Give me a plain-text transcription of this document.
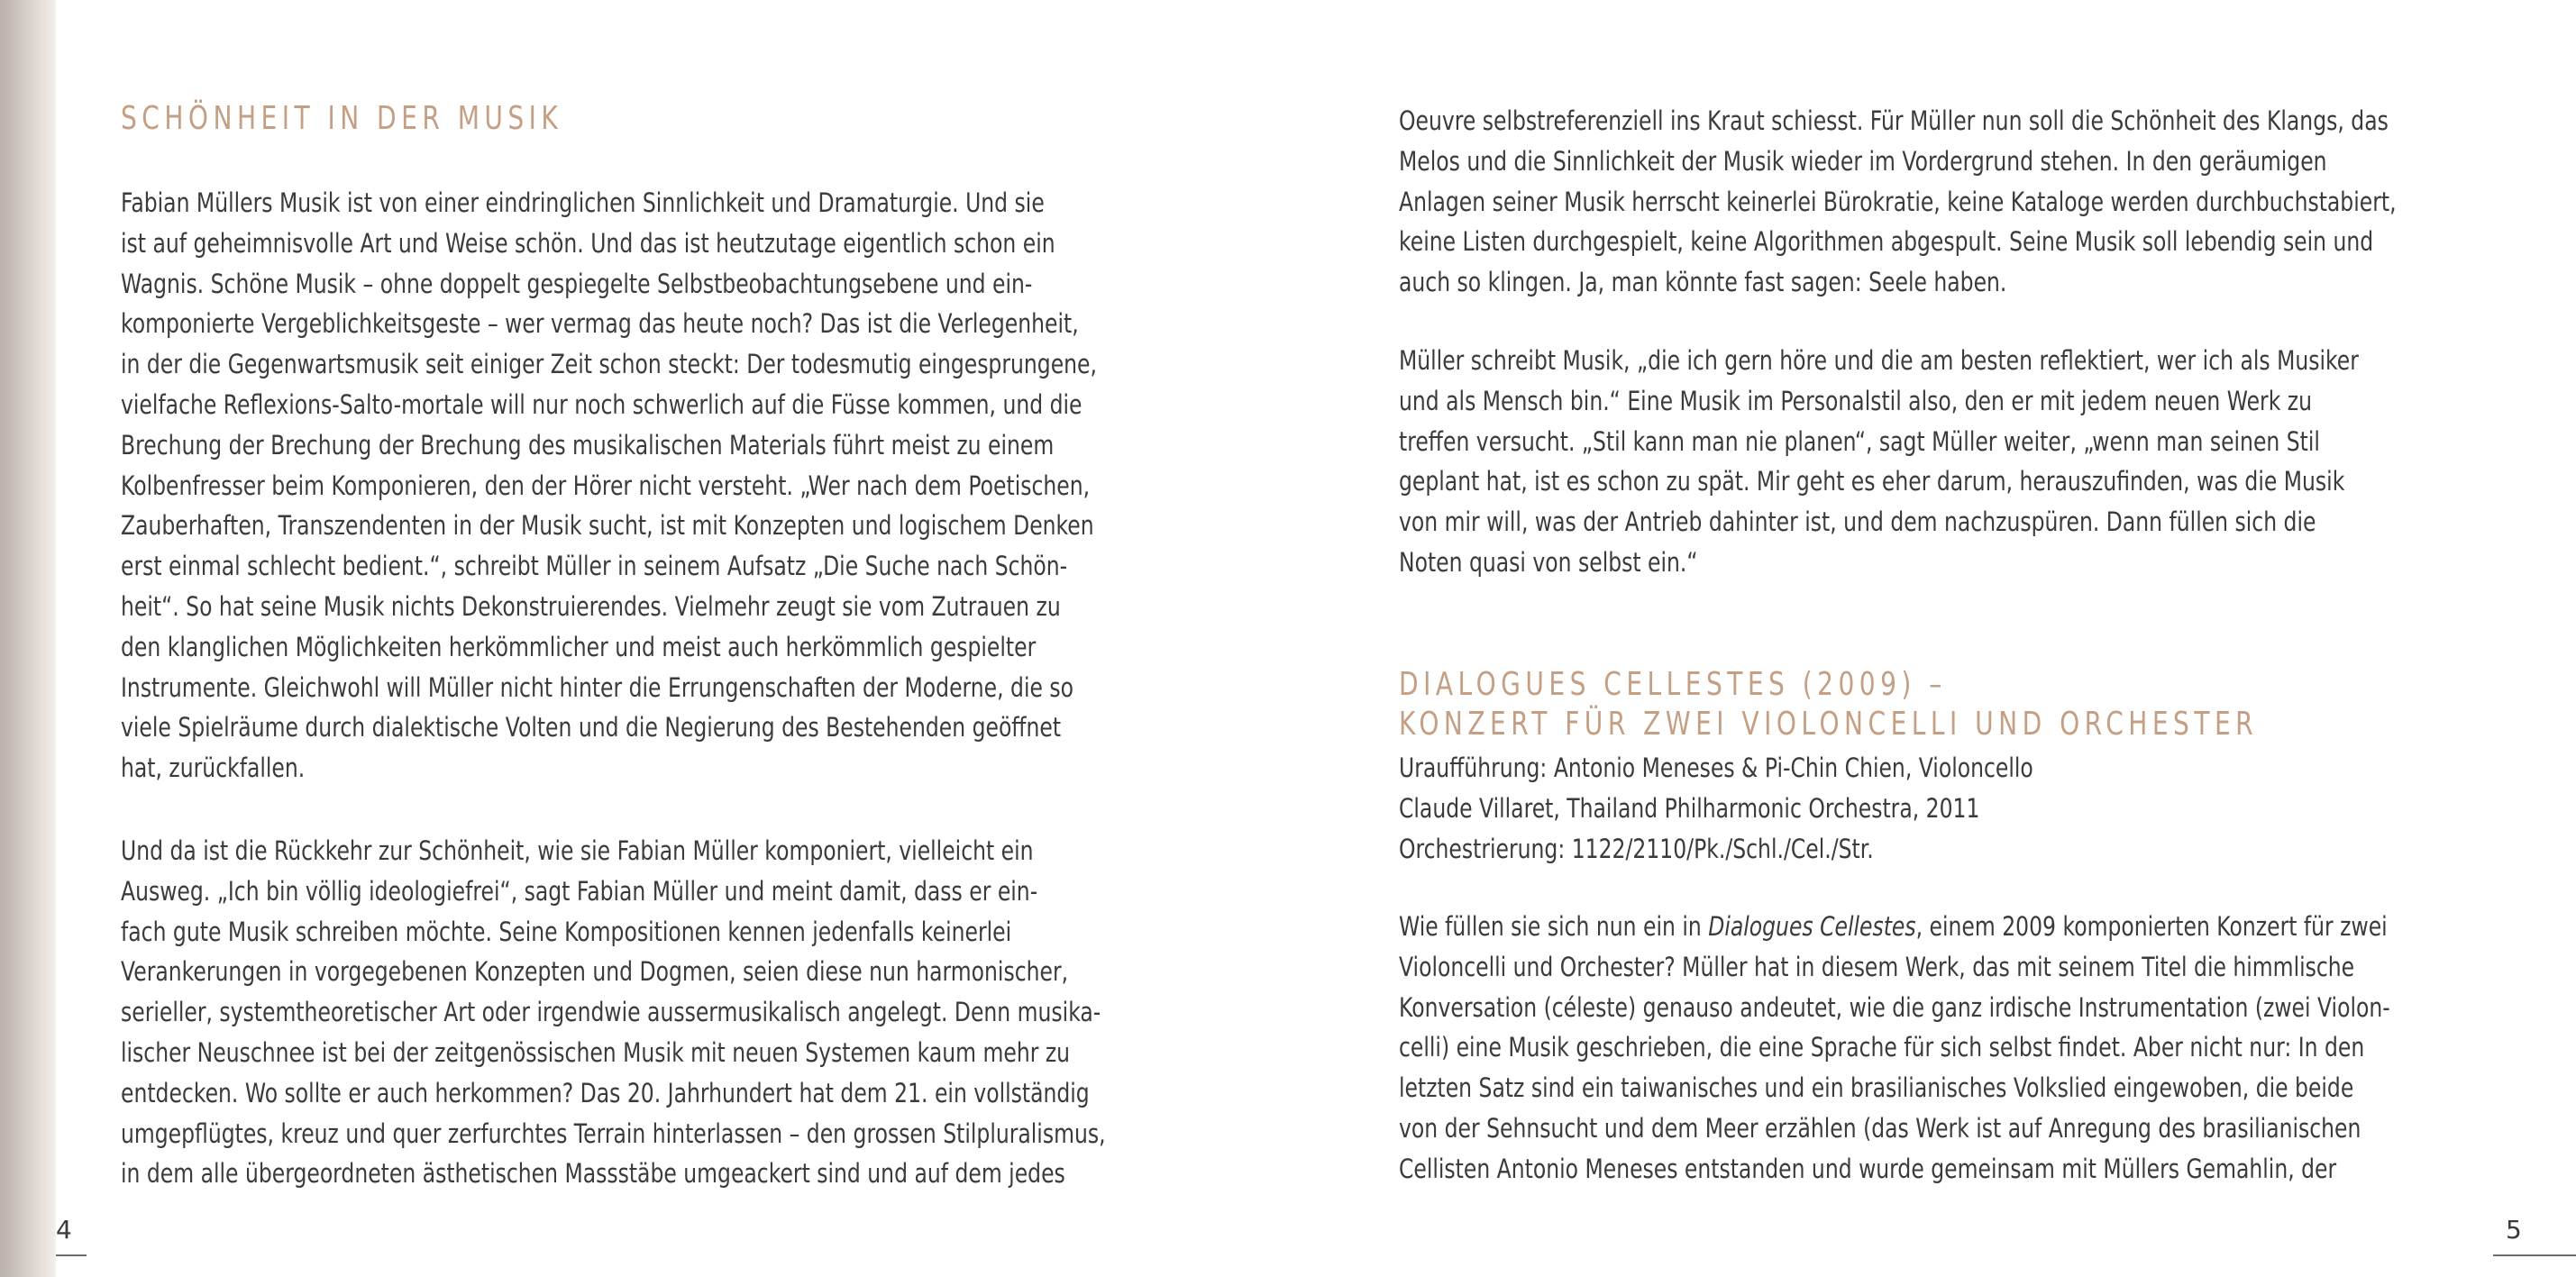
SCHÖNHEIT IN DER MUSIK
Fabian Müllers Musik ist von einer eindringlichen Sinnlichkeit und Dramaturgie. Und sie
ist auf geheimnisvolle Art und Weise schön. Und das ist heutzutage eigentlich schon ein
Wagnis. Schöne Musik – ohne doppelt gespiegelte Selbstbeobachtungsebene und ein-
komponierte Vergeblichkeitsgeste – wer vermag das heute noch? Das ist die Verlegenheit,
in der die Gegenwartsmusik seit einiger Zeit schon steckt: Der todesmutig eingesprungene,
vielfache Reflexions-Salto-mortale will nur noch schwerlich auf die Füsse kommen, und die
Brechung der Brechung der Brechung des musikalischen Materials führt meist zu einem
Kolbenfresser beim Komponieren, den der Hörer nicht versteht. „Wer nach dem Poetischen,
Zauberhaften, Transzendenten in der Musik sucht, ist mit Konzepten und logischem Denken
erst einmal schlecht bedient.“, schreibt Müller in seinem Aufsatz „Die Suche nach Schön-
heit“. So hat seine Musik nichts Dekonstruierendes. Vielmehr zeugt sie vom Zutrauen zu
den klanglichen Möglichkeiten herkömmlicher und meist auch herkömmlich gespielter
Instrumente. Gleichwohl will Müller nicht hinter die Errungenschaften der Moderne, die so
viele Spielräume durch dialektische Volten und die Negierung des Bestehenden geöffnet
hat, zurückfallen.
Und da ist die Rückkehr zur Schönheit, wie sie Fabian Müller komponiert, vielleicht ein
Ausweg. „Ich bin völlig ideologiefrei“, sagt Fabian Müller und meint damit, dass er ein-
fach gute Musik schreiben möchte. Seine Kompositionen kennen jedenfalls keinerlei
Verankerungen in vorgegebenen Konzepten und Dogmen, seien diese nun harmonischer,
serieller, systemtheoretischer Art oder irgendwie aussermusikalisch angelegt. Denn musika-
lischer Neuschnee ist bei der zeitgenössischen Musik mit neuen Systemen kaum mehr zu
entdecken. Wo sollte er auch herkommen? Das 20. Jahrhundert hat dem 21. ein vollständig
umgepflügtes, kreuz und quer zerfurchtes Terrain hinterlassen – den grossen Stilpluralismus,
in dem alle übergeordneten ästhetischen Massstäbe umgeackert sind und auf dem jedes
Oeuvre selbstreferenziell ins Kraut schiesst. Für Müller nun soll die Schönheit des Klangs, das
Melos und die Sinnlichkeit der Musik wieder im Vordergrund stehen. In den geräumigen
Anlagen seiner Musik herrscht keinerlei Bürokratie, keine Kataloge werden durchbuchstabiert,
keine Listen durchgespielt, keine Algorithmen abgespult. Seine Musik soll lebendig sein und
auch so klingen. Ja, man könnte fast sagen: Seele haben.
Müller schreibt Musik, „die ich gern höre und die am besten reflektiert, wer ich als Musiker
und als Mensch bin.“ Eine Musik im Personalstil also, den er mit jedem neuen Werk zu
treffen versucht. „Stil kann man nie planen“, sagt Müller weiter, „wenn man seinen Stil
geplant hat, ist es schon zu spät. Mir geht es eher darum, herauszufinden, was die Musik
von mir will, was der Antrieb dahinter ist, und dem nachzuspüren. Dann füllen sich die
Noten quasi von selbst ein.“
DIALOGUES CELLESTES (2009) –
KONZERT FÜR ZWEI VIOLONCELLI UND ORCHESTER
Uraufführung: Antonio Meneses & Pi-Chin Chien, Violoncello
Claude Villaret, Thailand Philharmonic Orchestra, 2011
Orchestrierung: 1122/2110/Pk./Schl./Cel./Str.
Wie füllen sie sich nun ein in Dialogues Cellestes, einem 2009 komponierten Konzert für zwei
Violoncelli und Orchester? Müller hat in diesem Werk, das mit seinem Titel die himmlische
Konversation (céleste) genauso andeutet, wie die ganz irdische Instrumentation (zwei Violon-
celli) eine Musik geschrieben, die eine Sprache für sich selbst findet. Aber nicht nur: In den
letzten Satz sind ein taiwanisches und ein brasilianisches Volkslied eingewoben, die beide
von der Sehnsucht und dem Meer erzählen (das Werk ist auf Anregung des brasilianischen
Cellisten Antonio Meneses entstanden und wurde gemeinsam mit Müllers Gemahlin, der
4	5
